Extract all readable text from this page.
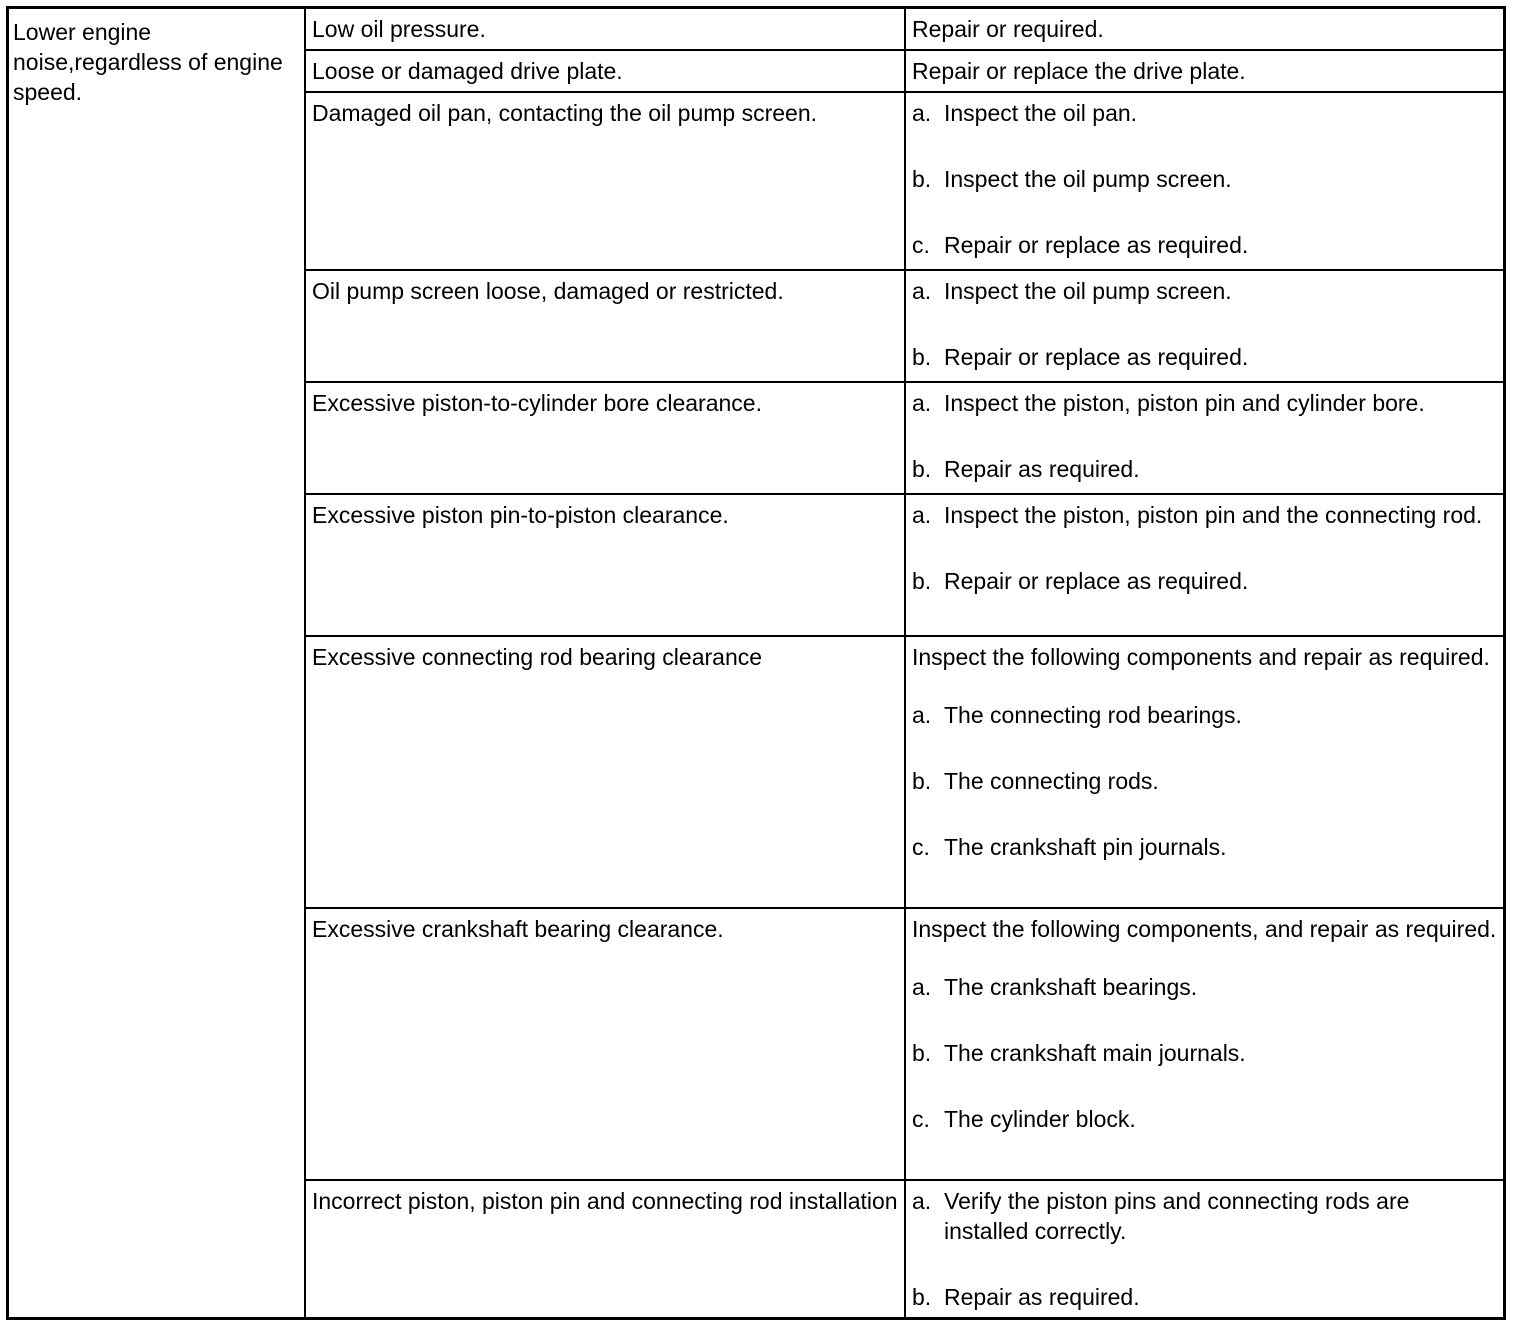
Lower engine noise,regardless of engine speed.
Low oil pressure.	Repair or required.
Loose or damaged drive plate.	Repair or replace the drive plate.
Damaged oil pan, contacting the oil pump screen.	a. Inspect the oil pan.
b. Inspect the oil pump screen.
c. Repair or replace as required.
Oil pump screen loose, damaged or restricted.	a. Inspect the oil pump screen.
b. Repair or replace as required.
Excessive piston-to-cylinder bore clearance.	a. Inspect the piston, piston pin and cylinder bore.
b. Repair as required.
Excessive piston pin-to-piston clearance.	a. Inspect the piston, piston pin and the connecting rod.
b. Repair or replace as required.
Excessive connecting rod bearing clearance	Inspect the following components and repair as required.
a. The connecting rod bearings.
b. The connecting rods.
c. The crankshaft pin journals.
Excessive crankshaft bearing clearance.	Inspect the following components, and repair as required.
a. The crankshaft bearings.
b. The crankshaft main journals.
c. The cylinder block.
Incorrect piston, piston pin and connecting rod installation a. Verify the piston pins and connecting rods are installed correctly.
b. Repair as required.
